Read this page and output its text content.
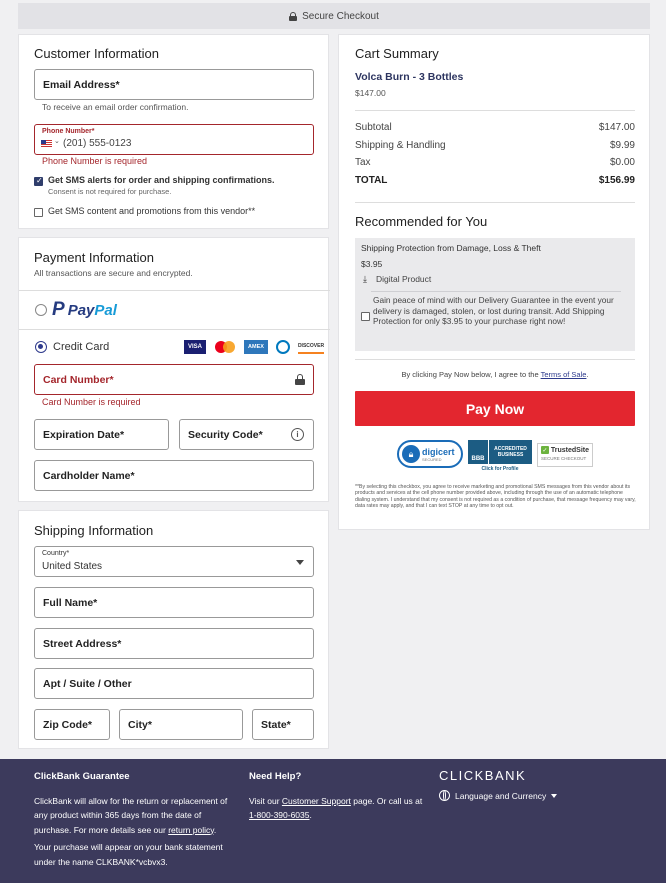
Secure Checkout
Customer Information
Email Address*
To receive an email order confirmation.
Phone Number*
⌄ (201) 555-0123
Phone Number is required
✓
Get SMS alerts for order and shipping confirmations.
Consent is not required for purchase.
Get SMS content and promotions from this vendor**
Payment Information
All transactions are secure and encrypted.
P Pay Pal
Credit Card	VISA	AMEX	DISCOVER
Card Number*
Card Number is required
Expiration Date*	Security Code*	i
Cardholder Name*
Shipping Information
Country*
United States
Full Name*
Street Address*
Apt / Suite / Other
Zip Code*	City*	State*
Cart Summary
Volca Burn - 3 Bottles
$147.00
Subtotal	$147.00
Shipping & Handling	$9.99
Tax	$0.00
TOTAL	$156.99
Recommended for You
Shipping Protection from Damage, Loss & Theft
$3.95
⤓ Digital Product
Gain peace of mind with our Delivery Guarantee in the event your delivery is damaged, stolen, or lost during transit. Add Shipping Protection for only $3.95 to your purchase right now!
By clicking Pay Now below, I agree to the Terms of Sale.
Pay Now
🔒︎ digicert
SECURED	BBB
ACCREDITED
BUSINESS
Click for Profile
✓ TrustedSite
SECURE CHECKOUT
**By selecting this checkbox, you agree to receive marketing and promotional SMS messages from this vendor about its products and services at the cell phone number provided above, including through the use of an automatic telephone dialing system. I understand that my consent is not required as a condition of purchase, that message frequency may vary, data rates may apply, and that I can text STOP at any time to opt out.
ClickBank Guarantee
ClickBank will allow for the return or replacement of any product within 365 days from the date of purchase. For more details see our return policy.
Your purchase will appear on your bank statement under the name CLKBANK*vcbvx3.
Need Help?
Visit our Customer Support page. Or call us at 1-800-390-6035.
CLICKBANK
Language and Currency
